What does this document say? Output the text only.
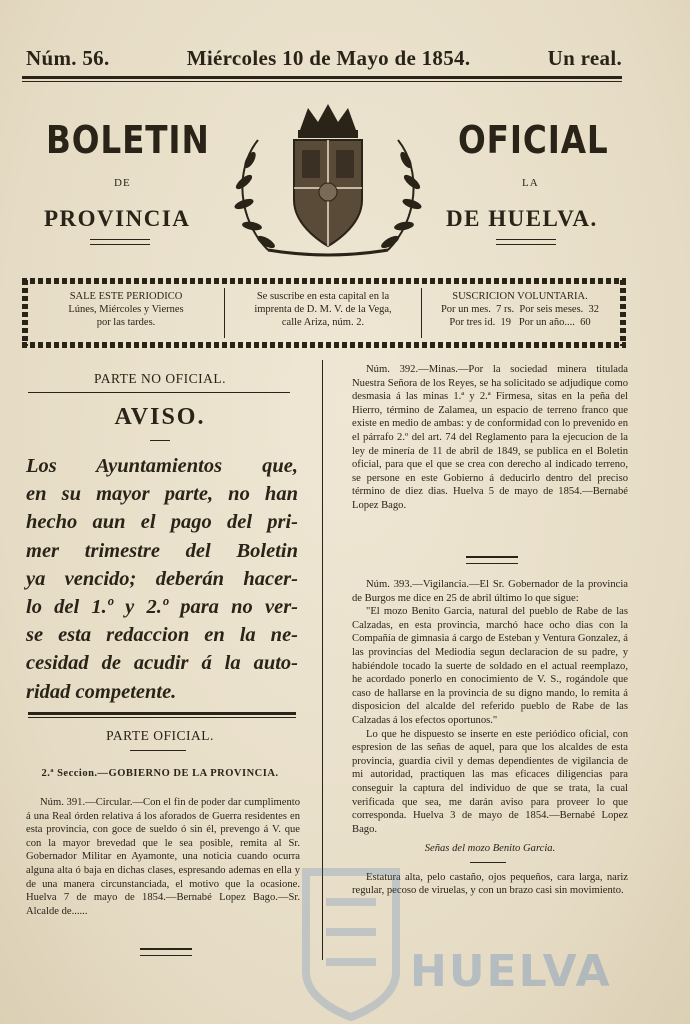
Núm. 56.	Miércoles 10 de Mayo de 1854.	Un real.
BOLETIN	OFICIAL
DE	LA
PROVINCIA	DE HUELVA.
SALE ESTE PERIODICO
Lúnes, Miércoles y Viernes
por las tardes.
Se suscribe en esta capital en la
imprenta de D. M. V. de la Vega,
calle Ariza, núm. 2.
SUSCRICION VOLUNTARIA.
Por un mes.  7 rs.  Por seis meses.  32
Por tres id.  19   Por un año....  60
PARTE NO OFICIAL.
AVISO.
Los Ayuntamientos que,
en su mayor parte, no han
hecho aun el pago del pri-
mer trimestre del Boletin
ya vencido; deberán hacer-
lo del 1.º y 2.º para no ver-
se esta redaccion en la ne-
cesidad de acudir á la auto-
ridad competente.
PARTE OFICIAL.
2.ª Seccion.—GOBIERNO DE LA PROVINCIA.

Núm. 391.—Circular.—Con el fin de poder dar cumplimento á una Real órden relativa á los aforados de Guerra residentes en esta provincia, con goce de sueldo ó sin él, prevengo á V. que con la mayor brevedad que le sea posible, remita al Sr. Gobernador Militar en Ayamonte, una noticia cuando ocurra alguna alta ó baja en dichas clases, espresando ademas en ella y de una manera circunstanciada, el motivo que la ocasione. Huelva 7 de mayo de 1854.—Bernabé Lopez Bago.—Sr. Alcalde de......

Núm. 392.—Minas.—Por la sociedad minera titulada Nuestra Señora de los Reyes, se ha solicitado se adjudique como desmasia á las minas 1.ª y 2.ª Firmesa, sitas en la peña del Hierro, término de Zalamea, un espacio de terreno franco que existe en medio de ambas: y de conformidad con lo prevenido en el párrafo 2.º del art. 74 del Reglamento para la ejecucion de la ley de minería de 11 de abril de 1849, se publica en el Boletin oficial, para que el que se crea con derecho al indicado terreno, se persone en este Gobierno á deducirlo dentro del preciso término de diez dias. Huelva 5 de mayo de 1854.—Bernabé Lopez Bago.

Núm. 393.—Vigilancia.—El Sr. Gobernador de la provincia de Burgos me dice en 25 de abril último lo que sigue:

"El mozo Benito Garcia, natural del pueblo de Rabe de las Calzadas, en esta provincia, marchó hace ocho dias con la Compañía de gimnasia á cargo de Esteban y Ventura Gonzalez, á las provincias del Mediodia segun declaracion de su padre, y habiéndole tocado la suerte de soldado en el actual reemplazo, he acordado ponerlo en conocimiento de V. S., rogándole que caso de hallarse en la provincia de su digno mando, lo remita á disposicion del alcalde del referido pueblo de Rabe de las Calzadas á los efectos oportunos."

Lo que he dispuesto se inserte en este periódico oficial, con espresion de las señas de aquel, para que los alcaldes de esta provincia, guardia civil y demas dependientes de vigilancia de mi autoridad, practiquen las mas eficaces diligencias para conseguir la captura del individuo de que se trata, la cual verificada que sea, me darán aviso para proveer lo que corresponda. Huelva 3 de mayo de 1854.—Bernabé Lopez Bago.

Señas del mozo Benito Garcia.

Estatura alta, pelo castaño, ojos pequeños, cara larga, nariz regular, pecoso de viruelas, y con un brazo casi sin movimiento.

HUELVA
